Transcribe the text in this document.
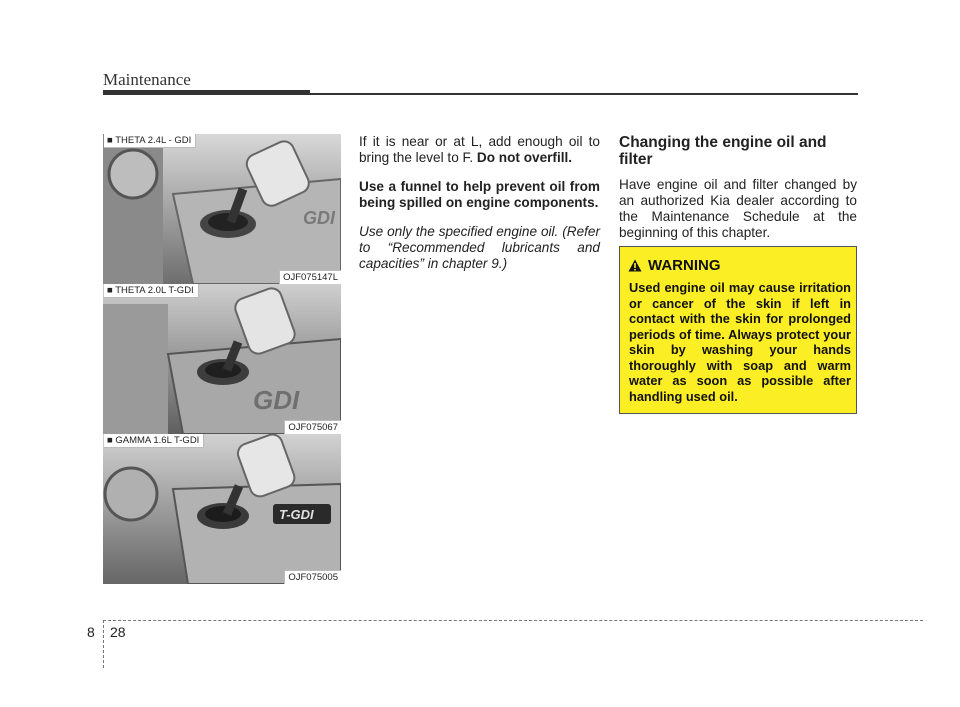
Maintenance
GDI
OJF075147L
■ THETA 2.4L - GDI
GDI
OJF075067
■ THETA 2.0L T-GDI
T-GDI
OJF075005
■ GAMMA 1.6L T-GDI

If it is near or at L, add enough oil to bring the level to F. Do not overfill.

Use a funnel to help prevent oil from being spilled on engine components.

Use only the specified engine oil. (Refer to “Recommended lubricants and capacities” in chapter 9.)

Changing the engine oil and filter

Have engine oil and filter changed by an authorized Kia dealer according to the Maintenance Schedule at the beginning of this chapter.

WARNING

Used engine oil may cause irritation or cancer of the skin if left in contact with the skin for prolonged periods of time. Always protect your skin by washing your hands thoroughly with soap and warm water as soon as possible after handling used oil.

8 28
